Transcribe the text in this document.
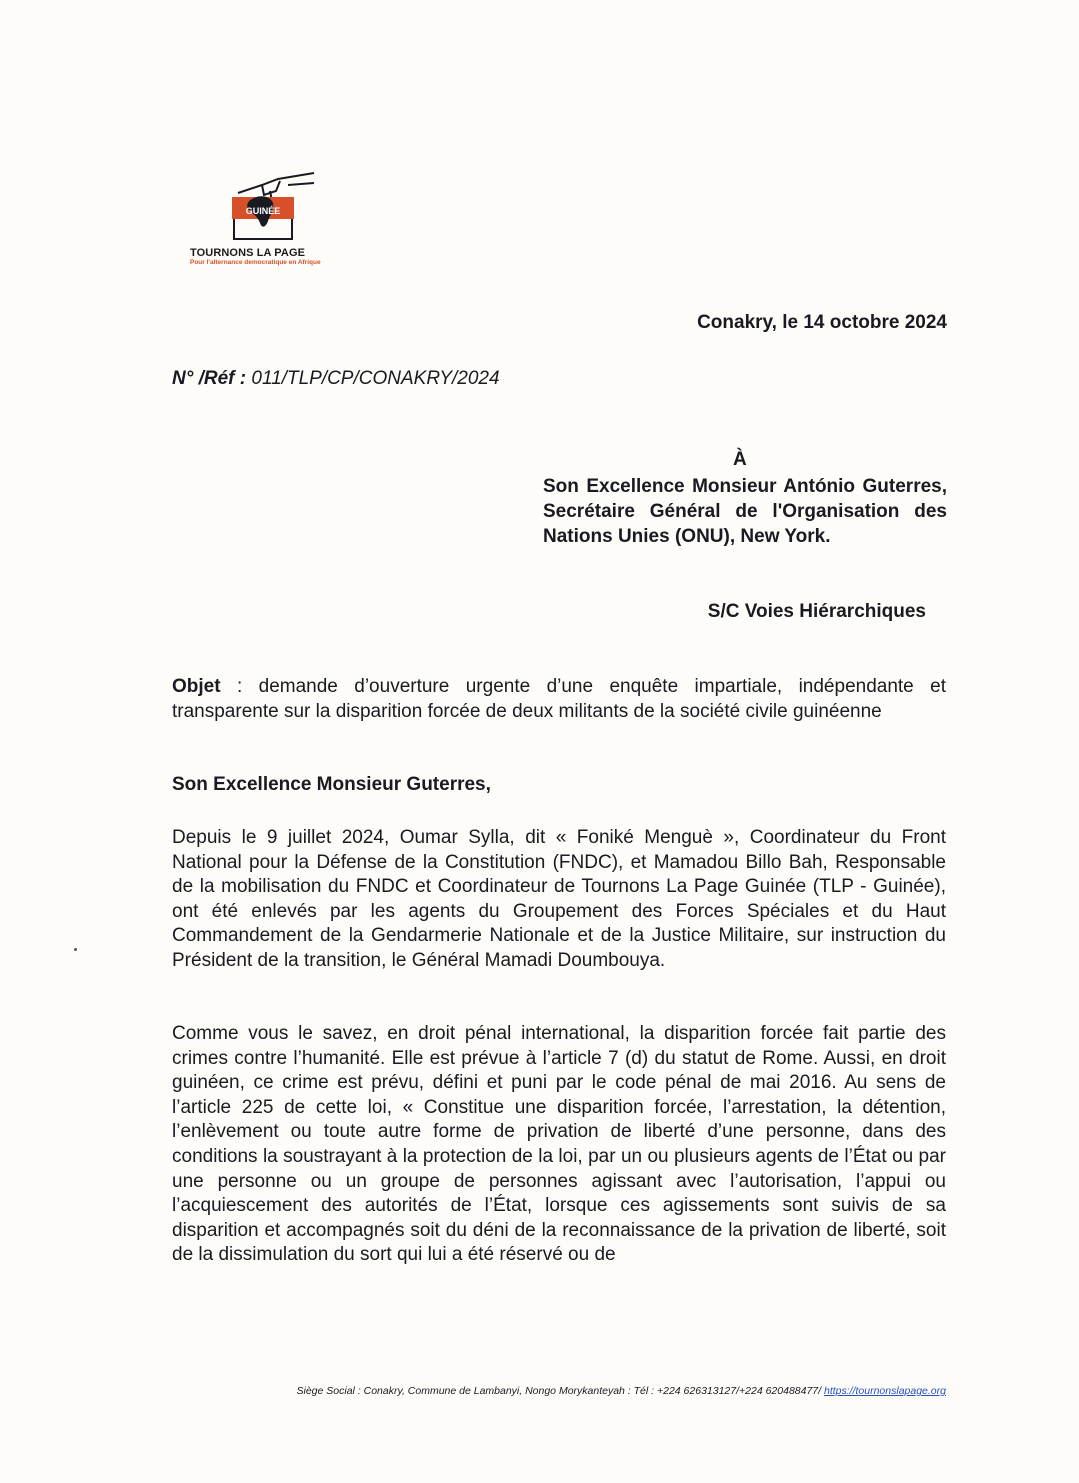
GUINÉE
TOURNONS LA PAGE
Pour l'alternance democratique en Afrique
Conakry, le 14 octobre 2024
N° /Réf : 011/TLP/CP/CONAKRY/2024
À
Son Excellence Monsieur António Guterres, Secrétaire Général de l'Organisation des Nations Unies (ONU), New York.
S/C Voies Hiérarchiques
Objet : demande d’ouverture urgente d’une enquête impartiale, indépendante et transparente sur la disparition forcée de deux militants de la société civile guinéenne
Son Excellence Monsieur Guterres,
Depuis le 9 juillet 2024, Oumar Sylla, dit « Foniké Menguè », Coordinateur du Front National pour la Défense de la Constitution (FNDC), et Mamadou Billo Bah, Responsable de la mobilisation du FNDC et Coordinateur de Tournons La Page Guinée (TLP - Guinée), ont été enlevés par les agents du Groupement des Forces Spéciales et du Haut Commandement de la Gendarmerie Nationale et de la Justice Militaire, sur instruction du Président de la transition, le Général Mamadi Doumbouya.
Comme vous le savez, en droit pénal international, la disparition forcée fait partie des crimes contre l’humanité. Elle est prévue à l’article 7 (d) du statut de Rome. Aussi, en droit guinéen, ce crime est prévu, défini et puni par le code pénal de mai 2016. Au sens de l’article 225 de cette loi, « Constitue une disparition forcée, l’arrestation, la détention, l’enlèvement ou toute autre forme de privation de liberté d’une personne, dans des conditions la soustrayant à la protection de la loi, par un ou plusieurs agents de l’État ou par une personne ou un groupe de personnes agissant avec l’autorisation, l’appui ou l’acquiescement des autorités de l’État, lorsque ces agissements sont suivis de sa disparition et accompagnés soit du déni de la reconnaissance de la privation de liberté, soit de la dissimulation du sort qui lui a été réservé ou de
Siège Social : Conakry, Commune de Lambanyi, Nongo Morykanteyah : Tél : +224 626313127/+224 620488477/ https://tournonslapage.org
